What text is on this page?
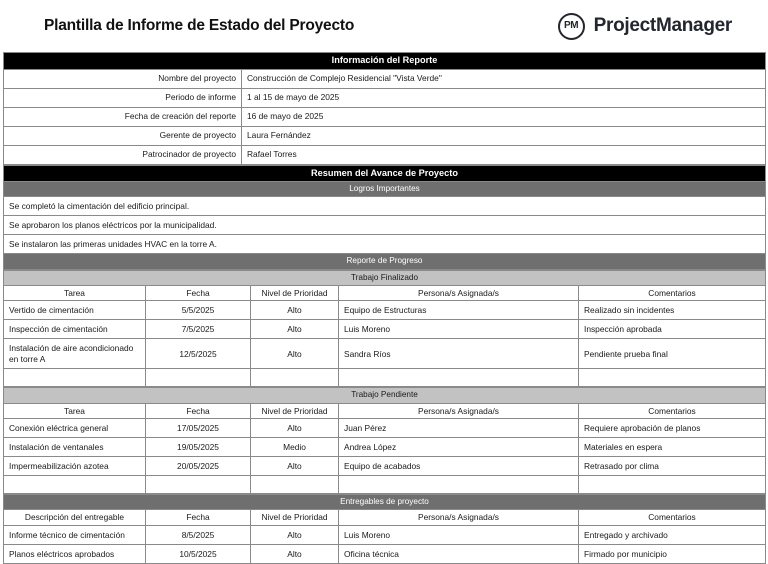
Plantilla de Informe de Estado del Proyecto	PM ProjectManager
Información del Reporte	
Nombre del proyecto	Construcción de Complejo Residencial "Vista Verde"
Periodo de informe	1 al 15 de mayo de 2025
Fecha de creación del reporte	16 de mayo de 2025
Gerente de proyecto	Laura Fernández
Patrocinador de proyecto	Rafael Torres
Resumen del Avance de Proyecto
Logros Importantes
Se completó la cimentación del edificio principal.
Se aprobaron los planos eléctricos por la municipalidad.
Se instalaron las primeras unidades HVAC en la torre A.
Reporte de Progreso
Trabajo Finalizado				
Tarea	Fecha	Nivel de Prioridad	Persona/s Asignada/s	Comentarios
Vertido de cimentación	5/5/2025	Alto	Equipo de Estructuras	Realizado sin incidentes
Inspección de cimentación	7/5/2025	Alto	Luis Moreno	Inspección aprobada
Instalación de aire acondicionado en torre A	12/5/2025	Alto	Sandra Ríos	Pendiente prueba final

Trabajo Pendiente				
Tarea	Fecha	Nivel de Prioridad	Persona/s Asignada/s	Comentarios
Conexión eléctrica general	17/05/2025	Alto	Juan Pérez	Requiere aprobación de planos
Instalación de ventanales	19/05/2025	Medio	Andrea López	Materiales en espera
Impermeabilización azotea	20/05/2025	Alto	Equipo de acabados	Retrasado por clima

Entregables de proyecto				
Descripción del entregable	Fecha	Nivel de Prioridad	Persona/s Asignada/s	Comentarios
Informe técnico de cimentación	8/5/2025	Alto	Luis Moreno	Entregado y archivado
Planos eléctricos aprobados	10/5/2025	Alto	Oficina técnica	Firmado por municipio
